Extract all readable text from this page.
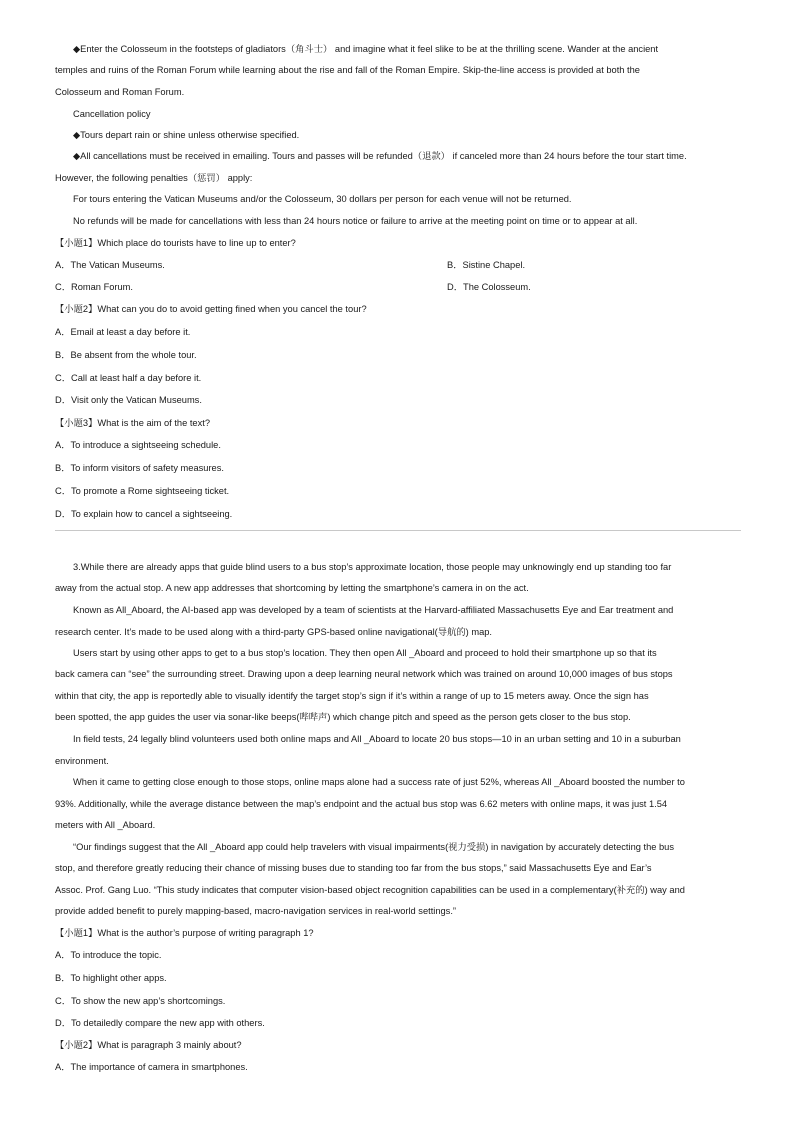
◆Enter the Colosseum in the footsteps of gladiators（角斗士） and imagine what it feel slike to be at the thrilling scene. Wander at the ancient
temples and ruins of the Roman Forum while learning about the rise and fall of the Roman Empire. Skip-the-line access is provided at both the
Colosseum and Roman Forum.
Cancellation policy
◆Tours depart rain or shine unless otherwise specified.
◆All cancellations must be received in emailing. Tours and passes will be refunded（退款） if canceled more than 24 hours before the tour start time.
However, the following penalties（惩罚） apply:
For tours entering the Vatican Museums and/or the Colosseum, 30 dollars per person for each venue will not be returned.
No refunds will be made for cancellations with less than 24 hours notice or failure to arrive at the meeting point on time or to appear at all.
【小题1】Which place do tourists have to line up to enter?
A．The Vatican Museums.	B．Sistine Chapel.
C．Roman Forum.	D．The Colosseum.
【小题2】What can you do to avoid getting fined when you cancel the tour?
A．Email at least a day before it.
B．Be absent from the whole tour.
C．Call at least half a day before it.
D．Visit only the Vatican Museums.
【小题3】What is the aim of the text?
A．To introduce a sightseeing schedule.
B．To inform visitors of safety measures.
C．To promote a Rome sightseeing ticket.
D．To explain how to cancel a sightseeing.
3.While there are already apps that guide blind users to a bus stop’s approximate location, those people may unknowingly end up standing too far
away from the actual stop. A new app addresses that shortcoming by letting the smartphone’s camera in on the act.
Known as All_Aboard, the AI-based app was developed by a team of scientists at the Harvard-affiliated Massachusetts Eye and Ear treatment and
research center. It’s made to be used along with a third-party GPS-based online navigational(导航的) map.
Users start by using other apps to get to a bus stop’s location. They then open All _Aboard and proceed to hold their smartphone up so that its
back camera can “see” the surrounding street. Drawing upon a deep learning neural network which was trained on around 10,000 images of bus stops
within that city, the app is reportedly able to visually identify the target stop’s sign if it’s within a range of up to 15 meters away. Once the sign has
been spotted, the app guides the user via sonar-like beeps(哔哔声) which change pitch and speed as the person gets closer to the bus stop.
In field tests, 24 legally blind volunteers used both online maps and All _Aboard to locate 20 bus stops—10 in an urban setting and 10 in a suburban
environment.
When it came to getting close enough to those stops, online maps alone had a success rate of just 52%, whereas All _Aboard boosted the number to
93%. Additionally, while the average distance between the map’s endpoint and the actual bus stop was 6.62 meters with online maps, it was just 1.54
meters with All _Aboard.
“Our findings suggest that the All _Aboard app could help travelers with visual impairments(视力受损) in navigation by accurately detecting the bus
stop, and therefore greatly reducing their chance of missing buses due to standing too far from the bus stops,” said Massachusetts Eye and Ear’s
Assoc. Prof. Gang Luo. “This study indicates that computer vision-based object recognition capabilities can be used in a complementary(补充的) way and
provide added benefit to purely mapping-based, macro-navigation services in real-world settings.”
【小题1】What is the author’s purpose of writing paragraph 1?
A．To introduce the topic.
B．To highlight other apps.
C．To show the new app’s shortcomings.
D．To detailedly compare the new app with others.
【小题2】What is paragraph 3 mainly about?
A．The importance of camera in smartphones.
